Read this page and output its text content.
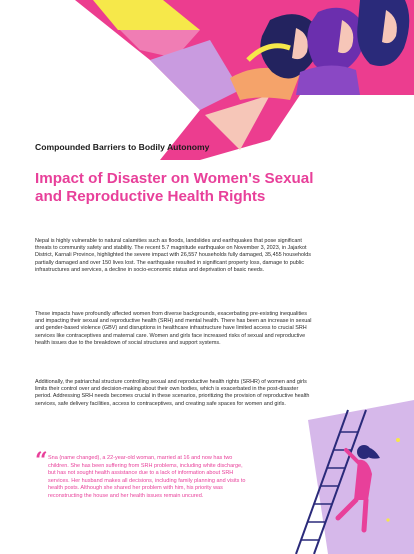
Compounded Barriers to Bodily Autonomy
Impact of Disaster on Women's Sexual and Reproductive Health Rights

Nepal is highly vulnerable to natural calamities such as floods, landslides and earthquakes that pose significant threats to community safety and stability. The recent 5.7 magnitude earthquake on November 3, 2023, in Jajarkot District, Karnali Province, highlighted the severe impact with 26,557 households fully damaged, 35,455 households partially damaged and over 150 lives lost. The earthquake resulted in significant property loss, damage to public infrastructures and services, a decline in socio-economic status and deprivation of basic needs.

These impacts have profoundly affected women from diverse backgrounds, exacerbating pre-existing inequalities and impacting their sexual and reproductive health (SRH) and mental health. There has been an increase in sexual and gender-based violence (GBV) and disruptions in healthcare infrastructure have limited access to crucial SRH services like contraceptives and maternal care. Women and girls face increased risks of sexual and reproductive health issues due to the breakdown of social structures and support systems.

Additionally, the patriarchal structure controlling sexual and reproductive health rights (SRHR) of women and girls limits their control over and decision-making about their own bodies, which is exacerbated in the post-disaster period. Addressing SRH needs becomes crucial in these scenarios, prioritizing the provision of reproductive health services, safe delivery facilities, access to contraceptives, and creating safe spaces for women and girls.

“ Sna (name changed), a 22-year-old woman, married at 16 and now has two children. She has been suffering from SRH problems, including white discharge, but has not sought health assistance due to a lack of information about SRH services. Her husband makes all decisions, including family planning and visits to health posts. Although she shared her problem with him, his priority was reconstructing the house and her health issues remain uncured.
